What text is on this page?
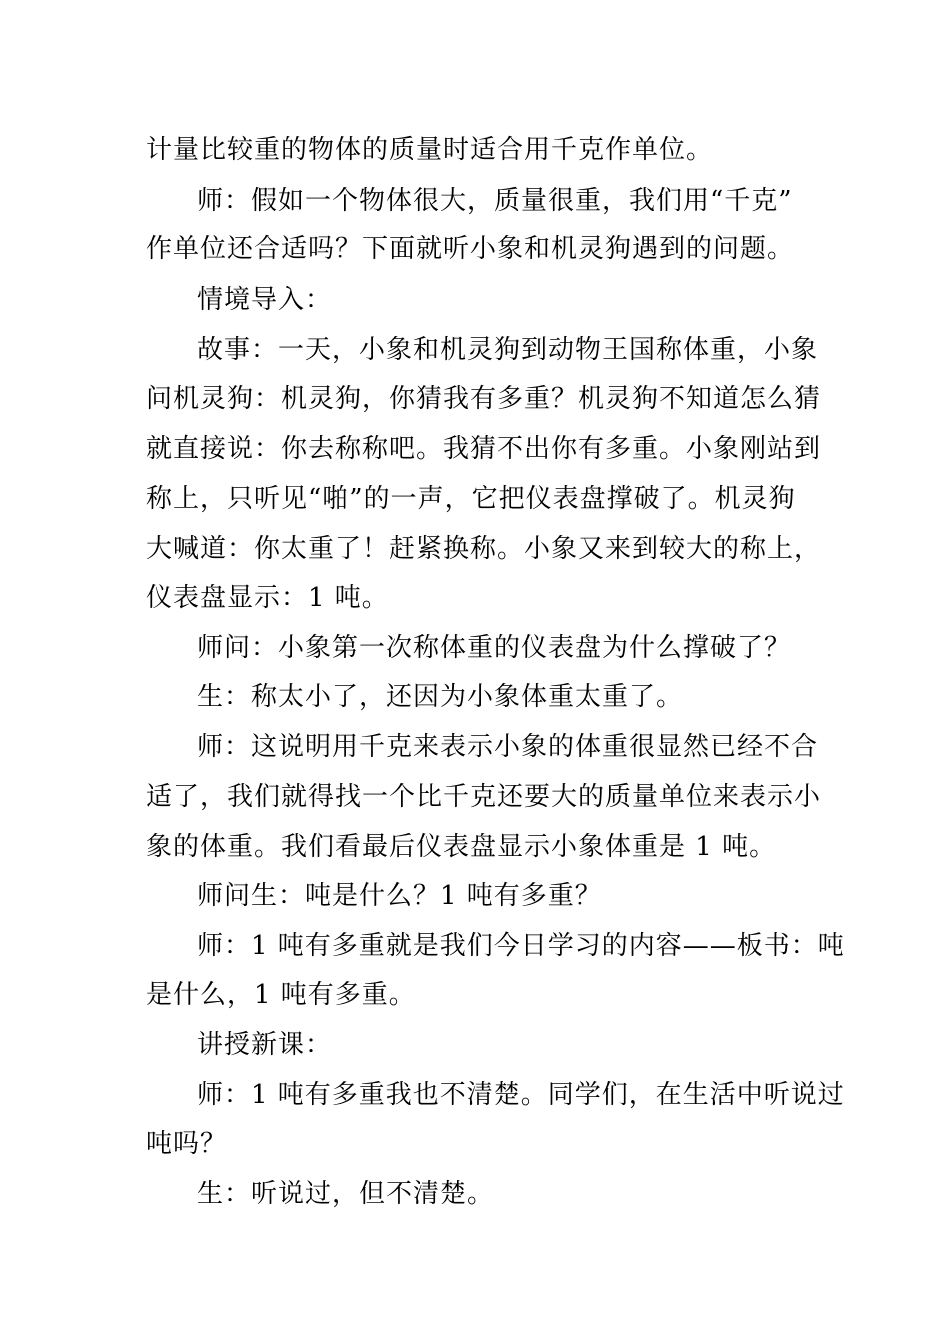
计量比较重的物体的质量时适合用千克作单位。
师：假如一个物体很大，质量很重，我们用“千克”
作单位还合适吗？下面就听小象和机灵狗遇到的问题。
情境导入：
故事：一天，小象和机灵狗到动物王国称体重，小象
问机灵狗：机灵狗，你猜我有多重？机灵狗不知道怎么猜
就直接说：你去称称吧。我猜不出你有多重。小象刚站到
称上，只听见“啪”的一声，它把仪表盘撑破了。机灵狗
大喊道：你太重了！赶紧换称。小象又来到较大的称上，
仪表盘显示：1 吨。
师问：小象第一次称体重的仪表盘为什么撑破了？
生：称太小了，还因为小象体重太重了。
师：这说明用千克来表示小象的体重很显然已经不合
适了，我们就得找一个比千克还要大的质量单位来表示小
象的体重。我们看最后仪表盘显示小象体重是 1 吨。
师问生：吨是什么？1 吨有多重？
师：1 吨有多重就是我们今日学习的内容——板书：吨
是什么，1 吨有多重。
讲授新课：
师：1 吨有多重我也不清楚。同学们，在生活中听说过
吨吗？
生：听说过，但不清楚。
